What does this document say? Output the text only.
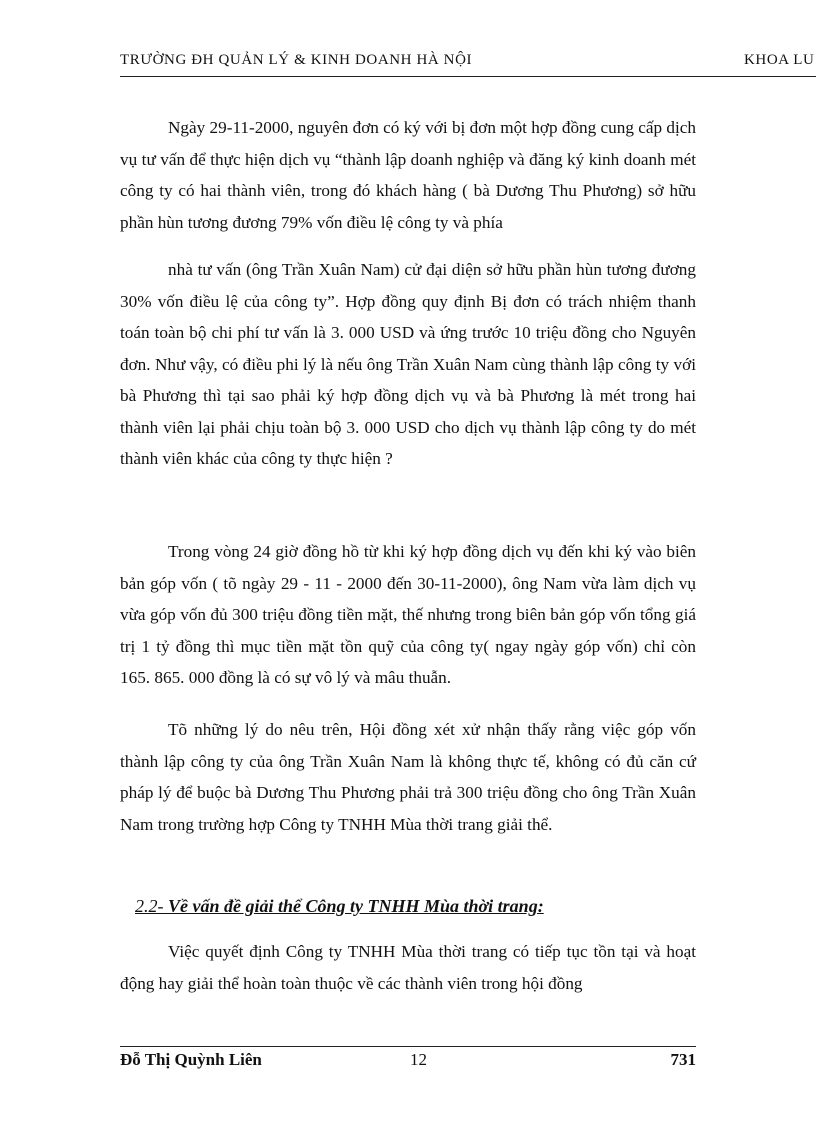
TRƯỜNG ĐH QUẢN LÝ & KINH DOANH HÀ NỘI	KHOA LU

Ngày 29-11-2000, nguyên đơn có ký với bị đơn một hợp đồng cung cấp dịch vụ tư vấn để thực hiện dịch vụ “thành lập doanh nghiệp và đăng ký kinh doanh mét công ty có hai thành viên, trong đó khách hàng ( bà Dương Thu Phương) sở hữu phần hùn tương đương 79% vốn điều lệ công ty và phía

nhà tư vấn (ông Trần Xuân Nam) cử đại diện sở hữu phần hùn tương đương 30% vốn điều lệ của công ty”. Hợp đồng quy định Bị đơn có trách nhiệm thanh toán toàn bộ chi phí tư vấn là 3. 000 USD và ứng trước 10 triệu đồng cho Nguyên đơn. Như vậy, có điều phi lý là nếu ông Trần Xuân Nam cùng thành lập công ty với bà Phương thì tại sao phải ký hợp đồng dịch vụ và bà Phương là mét trong hai thành viên lại phải chịu toàn bộ 3. 000 USD cho dịch vụ thành lập công ty do mét thành viên khác của công ty thực hiện ?

Trong vòng 24 giờ đồng hồ từ khi ký hợp đồng dịch vụ đến khi ký vào biên bản góp vốn ( tõ ngày 29 - 11 - 2000 đến 30-11-2000), ông Nam vừa làm dịch vụ vừa góp vốn đủ 300 triệu đồng tiền mặt, thế nhưng trong biên bản góp vốn tổng giá trị 1 tỷ đồng thì mục tiền mặt tồn quỹ của công ty( ngay ngày góp vốn) chỉ còn 165. 865. 000 đồng là có sự vô lý và mâu thuẫn.

Tõ những lý do nêu trên, Hội đồng xét xử nhận thấy rằng việc góp vốn thành lập công ty của ông Trần Xuân Nam là không thực tế, không có đủ căn cứ pháp lý để buộc bà Dương Thu Phương phải trả 300 triệu đồng cho ông Trần Xuân Nam trong trường hợp Công ty TNHH Mùa thời trang giải thể.

2.2- Về vấn đề giải thể Công ty TNHH Mùa thời trang:

Việc quyết định Công ty TNHH Mùa thời trang có tiếp tục tồn tại và hoạt động hay giải thể hoàn toàn thuộc về các thành viên trong hội đồng

Đỗ Thị Quỳnh Liên	12	731
